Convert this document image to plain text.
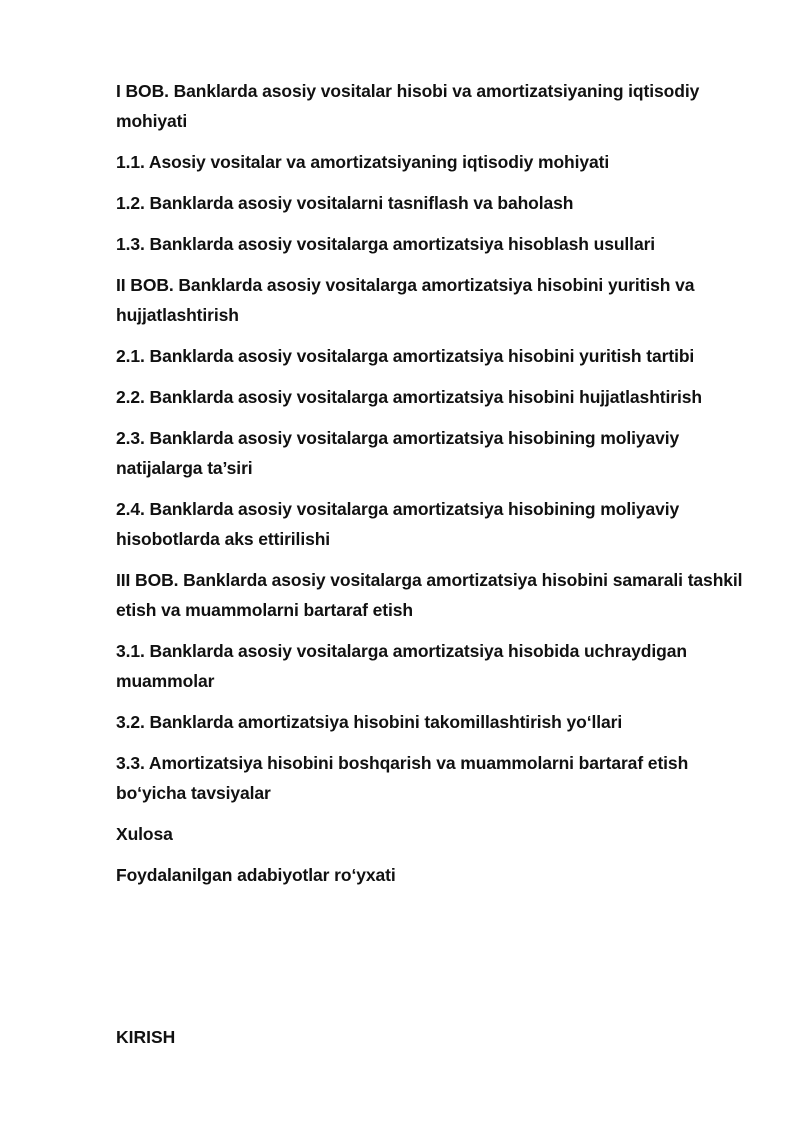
I BOB. Banklarda asosiy vositalar hisobi va amortizatsiyaning iqtisodiy mohiyati

1.1. Asosiy vositalar va amortizatsiyaning iqtisodiy mohiyati

1.2. Banklarda asosiy vositalarni tasniflash va baholash

1.3. Banklarda asosiy vositalarga amortizatsiya hisoblash usullari

II BOB. Banklarda asosiy vositalarga amortizatsiya hisobini yuritish va hujjatlashtirish

2.1. Banklarda asosiy vositalarga amortizatsiya hisobini yuritish tartibi

2.2. Banklarda asosiy vositalarga amortizatsiya hisobini hujjatlashtirish

2.3. Banklarda asosiy vositalarga amortizatsiya hisobining moliyaviy natijalarga ta’siri

2.4. Banklarda asosiy vositalarga amortizatsiya hisobining moliyaviy hisobotlarda aks ettirilishi

III BOB. Banklarda asosiy vositalarga amortizatsiya hisobini samarali tashkil etish va muammolarni bartaraf etish

3.1. Banklarda asosiy vositalarga amortizatsiya hisobida uchraydigan muammolar

3.2. Banklarda amortizatsiya hisobini takomillashtirish yo‘llari

3.3. Amortizatsiya hisobini boshqarish va muammolarni bartaraf etish bo‘yicha tavsiyalar

Xulosa

Foydalanilgan adabiyotlar ro‘yxati

KIRISH
